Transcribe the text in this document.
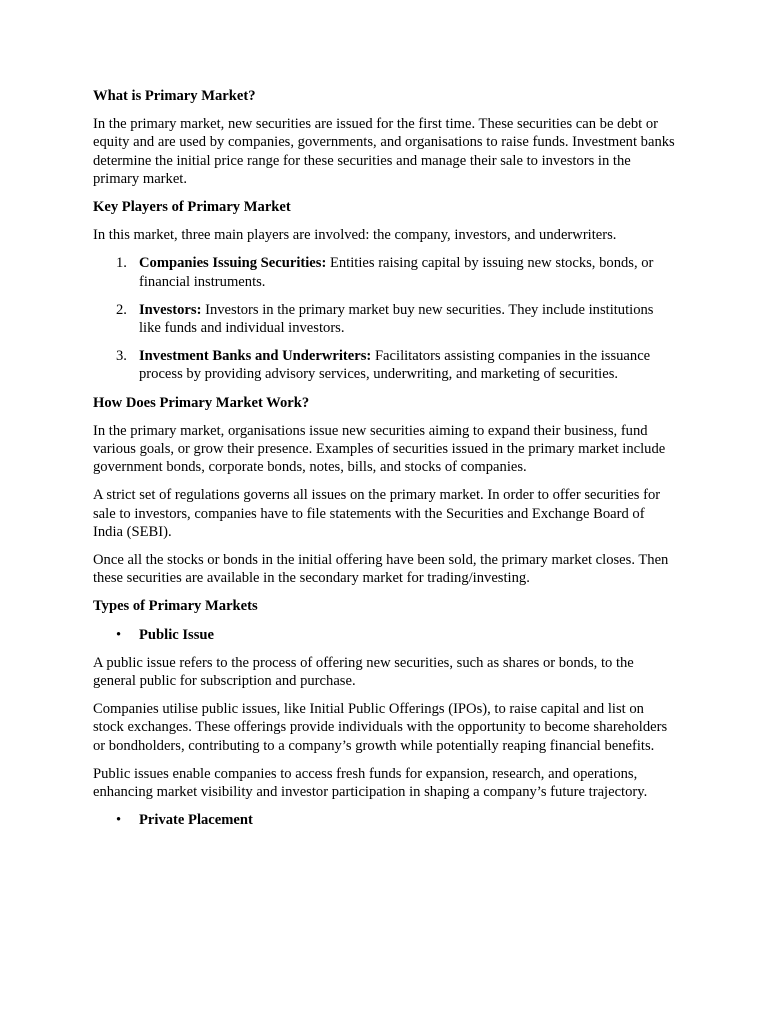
What is Primary Market?

In the primary market, new securities are issued for the first time. These securities can be debt or equity and are used by companies, governments, and organisations to raise funds. Investment banks determine the initial price range for these securities and manage their sale to investors in the primary market.

Key Players of Primary Market

In this market, three main players are involved: the company, investors, and underwriters.

1. Companies Issuing Securities: Entities raising capital by issuing new stocks, bonds, or financial instruments.
2. Investors: Investors in the primary market buy new securities. They include institutions like funds and individual investors.
3. Investment Banks and Underwriters: Facilitators assisting companies in the issuance process by providing advisory services, underwriting, and marketing of securities.
How Does Primary Market Work?

In the primary market, organisations issue new securities aiming to expand their business, fund various goals, or grow their presence. Examples of securities issued in the primary market include government bonds, corporate bonds, notes, bills, and stocks of companies.

A strict set of regulations governs all issues on the primary market. In order to offer securities for sale to investors, companies have to file statements with the Securities and Exchange Board of India (SEBI).

Once all the stocks or bonds in the initial offering have been sold, the primary market closes. Then these securities are available in the secondary market for trading/investing.

Types of Primary Markets
• Public Issue

A public issue refers to the process of offering new securities, such as shares or bonds, to the general public for subscription and purchase.

Companies utilise public issues, like Initial Public Offerings (IPOs), to raise capital and list on stock exchanges. These offerings provide individuals with the opportunity to become shareholders or bondholders, contributing to a company’s growth while potentially reaping financial benefits.

Public issues enable companies to access fresh funds for expansion, research, and operations, enhancing market visibility and investor participation in shaping a company’s future trajectory.

• Private Placement
